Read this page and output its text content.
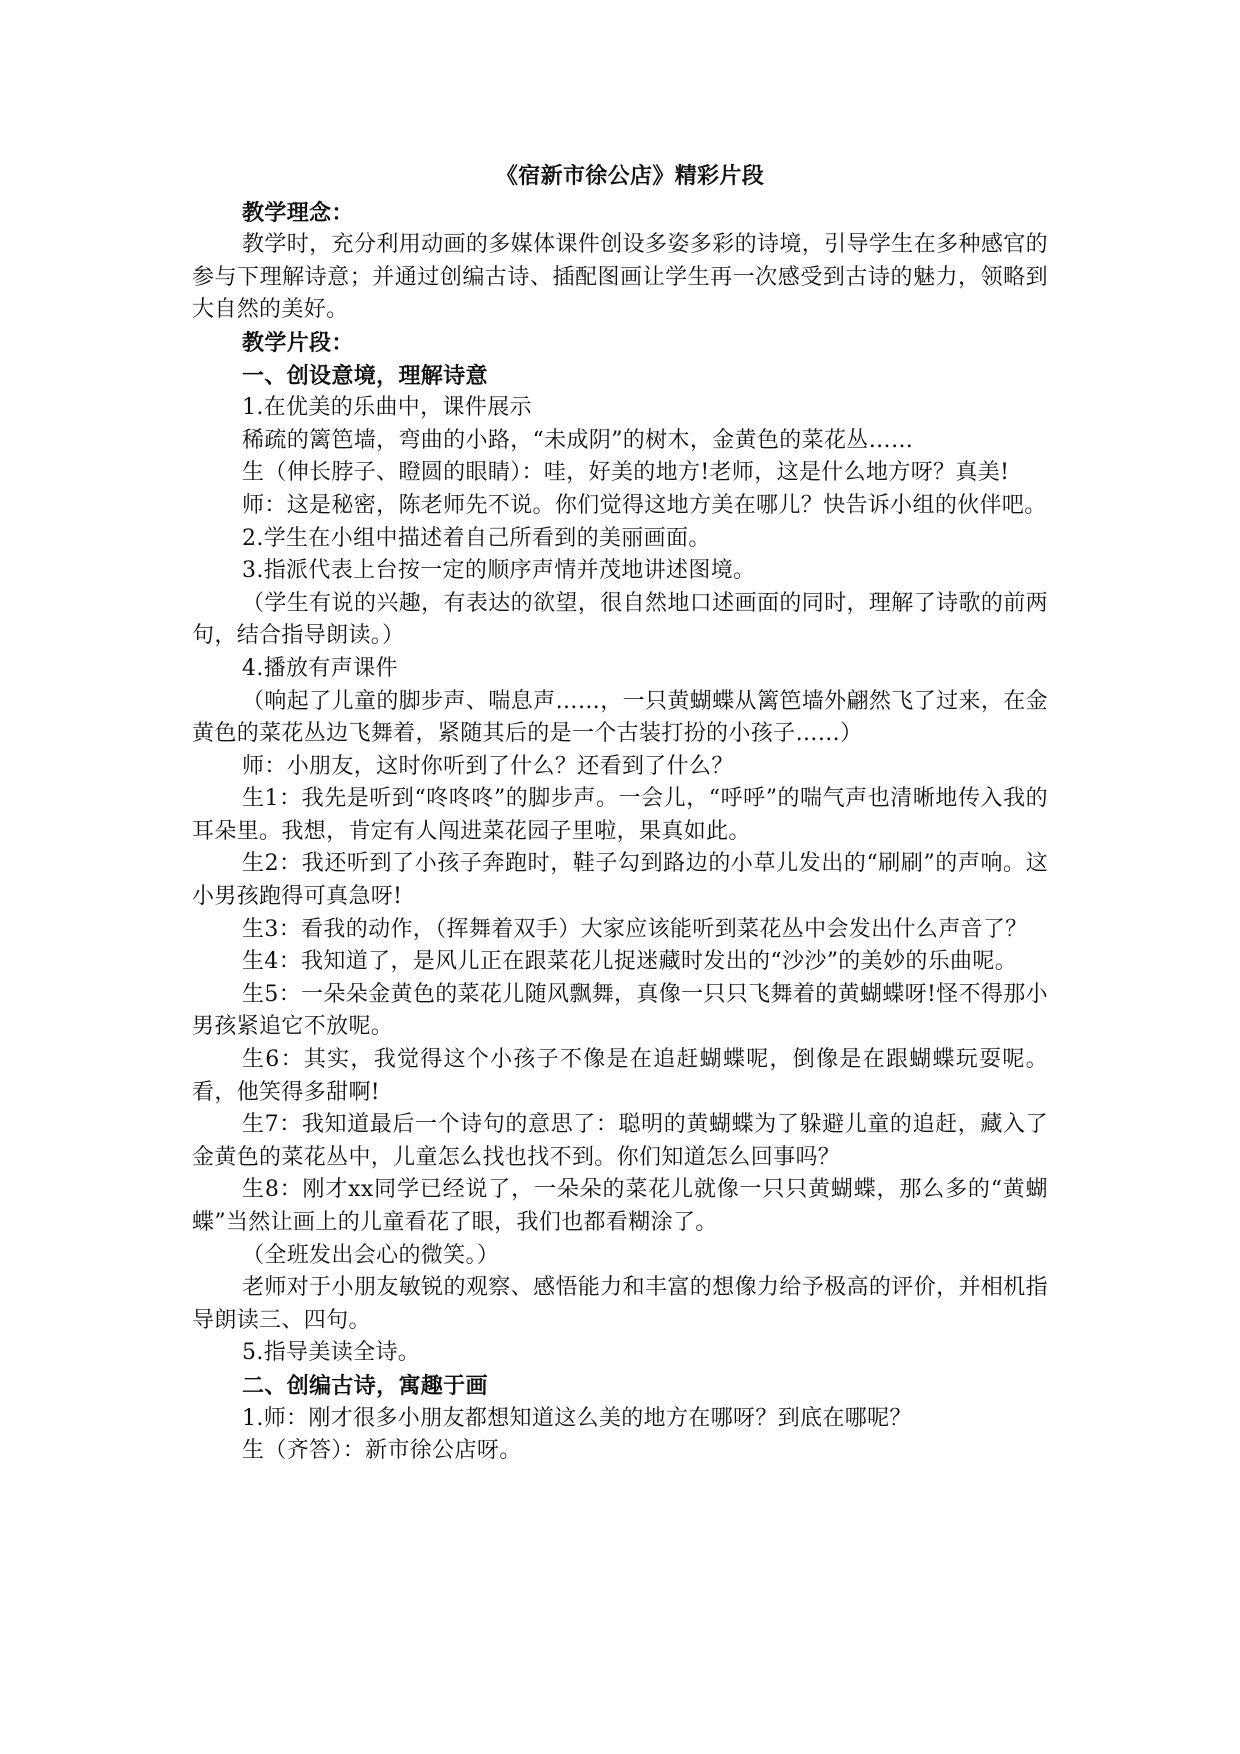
《宿新市徐公店》精彩片段
教学理念：
教学时，充分利用动画的多媒体课件创设多姿多彩的诗境，引导学生在多种感官的参与下理解诗意；并通过创编古诗、插配图画让学生再一次感受到古诗的魅力，领略到大自然的美好。
教学片段：
一、创设意境，理解诗意
1.在优美的乐曲中，课件展示
稀疏的篱笆墙，弯曲的小路，“未成阴”的树木，金黄色的菜花丛……
生（伸长脖子、瞪圆的眼睛）：哇，好美的地方!老师，这是什么地方呀？真美!
师：这是秘密，陈老师先不说。你们觉得这地方美在哪儿？快告诉小组的伙伴吧。
2.学生在小组中描述着自己所看到的美丽画面。
3.指派代表上台按一定的顺序声情并茂地讲述图境。
（学生有说的兴趣，有表达的欲望，很自然地口述画面的同时，理解了诗歌的前两句，结合指导朗读。）
4.播放有声课件
（响起了儿童的脚步声、喘息声……，一只黄蝴蝶从篱笆墙外翩然飞了过来，在金黄色的菜花丛边飞舞着，紧随其后的是一个古装打扮的小孩子……）
师：小朋友，这时你听到了什么？还看到了什么？
生1：我先是听到“咚咚咚”的脚步声。一会儿，“呼呼”的喘气声也清晰地传入我的耳朵里。我想，肯定有人闯进菜花园子里啦，果真如此。
生2：我还听到了小孩子奔跑时，鞋子勾到路边的小草儿发出的“刷刷”的声响。这小男孩跑得可真急呀!
生3：看我的动作，（挥舞着双手）大家应该能听到菜花丛中会发出什么声音了？
生4：我知道了，是风儿正在跟菜花儿捉迷藏时发出的“沙沙”的美妙的乐曲呢。
生5：一朵朵金黄色的菜花儿随风飘舞，真像一只只飞舞着的黄蝴蝶呀!怪不得那小男孩紧追它不放呢。
生6：其实，我觉得这个小孩子不像是在追赶蝴蝶呢，倒像是在跟蝴蝶玩耍呢。看，他笑得多甜啊!
生7：我知道最后一个诗句的意思了：聪明的黄蝴蝶为了躲避儿童的追赶，藏入了金黄色的菜花丛中，儿童怎么找也找不到。你们知道怎么回事吗？
生8：刚才xx同学已经说了，一朵朵的菜花儿就像一只只黄蝴蝶，那么多的“黄蝴蝶”当然让画上的儿童看花了眼，我们也都看糊涂了。
（全班发出会心的微笑。）
老师对于小朋友敏锐的观察、感悟能力和丰富的想像力给予极高的评价，并相机指导朗读三、四句。
5.指导美读全诗。
二、创编古诗，寓趣于画
1.师：刚才很多小朋友都想知道这么美的地方在哪呀？到底在哪呢？
生（齐答）：新市徐公店呀。
